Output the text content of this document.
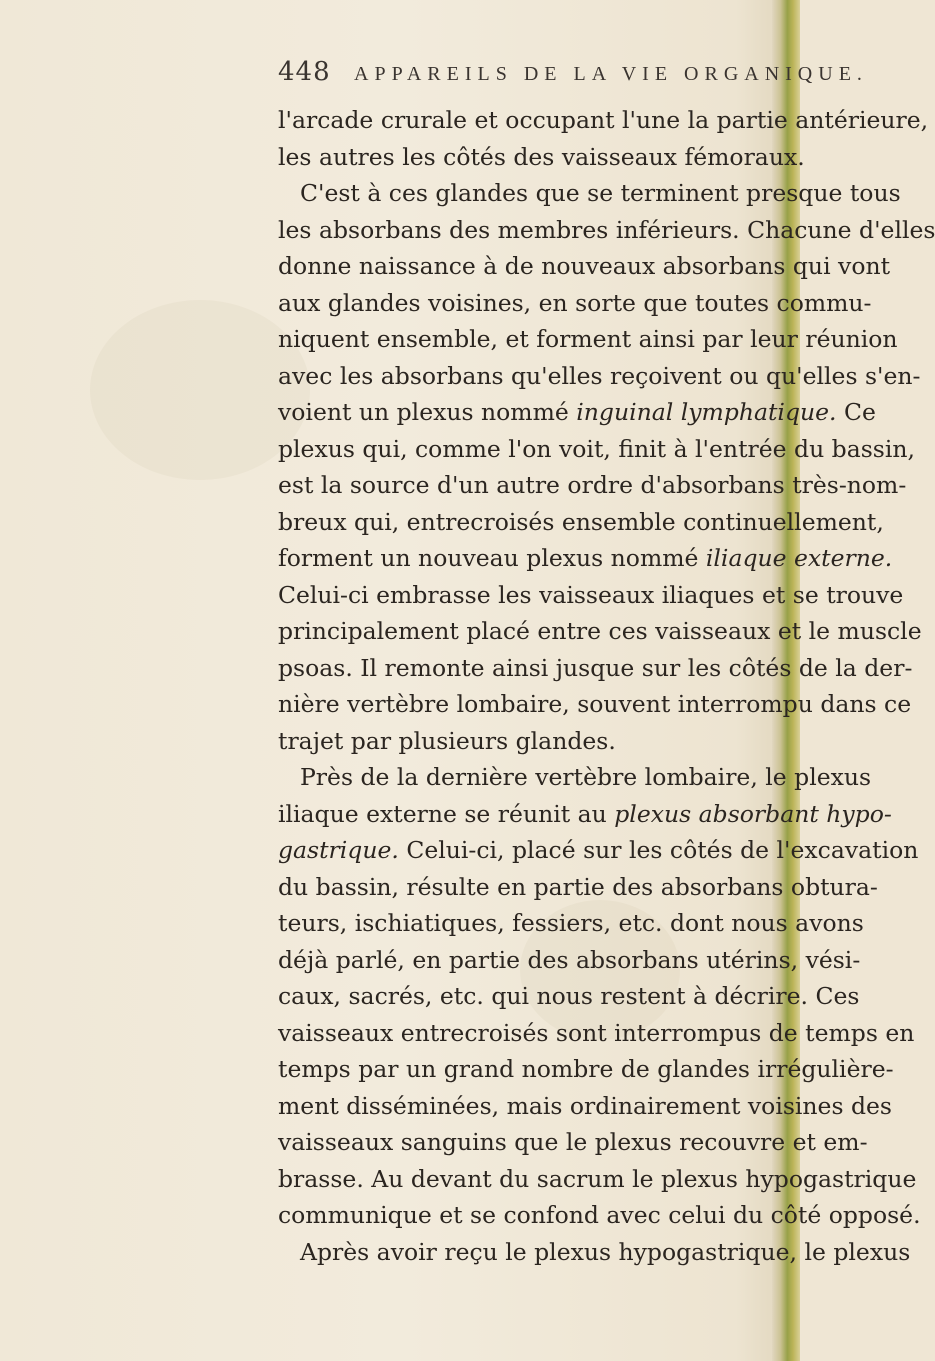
448 APPAREILS DE LA VIE ORGANIQUE.
l'arcade crurale et occupant l'une la partie antérieure,
les autres les côtés des vaisseaux fémoraux.
C'est à ces glandes que se terminent presque tous
les absorbans des membres inférieurs. Chacune d'elles
donne naissance à de nouveaux absorbans qui vont
aux glandes voisines, en sorte que toutes commu-
niquent ensemble, et forment ainsi par leur réunion
avec les absorbans qu'elles reçoivent ou qu'elles s'en-
voient un plexus nommé inguinal lymphatique. Ce
plexus qui, comme l'on voit, finit à l'entrée du bassin,
est la source d'un autre ordre d'absorbans très-nom-
breux qui, entrecroisés ensemble continuellement,
forment un nouveau plexus nommé iliaque externe.
Celui-ci embrasse les vaisseaux iliaques et se trouve
principalement placé entre ces vaisseaux et le muscle
psoas. Il remonte ainsi jusque sur les côtés de la der-
nière vertèbre lombaire, souvent interrompu dans ce
trajet par plusieurs glandes.
Près de la dernière vertèbre lombaire, le plexus
iliaque externe se réunit au plexus absorbant hypo-
gastrique. Celui-ci, placé sur les côtés de l'excavation
du bassin, résulte en partie des absorbans obtura-
teurs, ischiatiques, fessiers, etc. dont nous avons
déjà parlé, en partie des absorbans utérins, vési-
caux, sacrés, etc. qui nous restent à décrire. Ces
vaisseaux entrecroisés sont interrompus de temps en
temps par un grand nombre de glandes irrégulière-
ment disséminées, mais ordinairement voisines des
vaisseaux sanguins que le plexus recouvre et em-
brasse. Au devant du sacrum le plexus hypogastrique
communique et se confond avec celui du côté opposé.
Après avoir reçu le plexus hypogastrique, le plexus
